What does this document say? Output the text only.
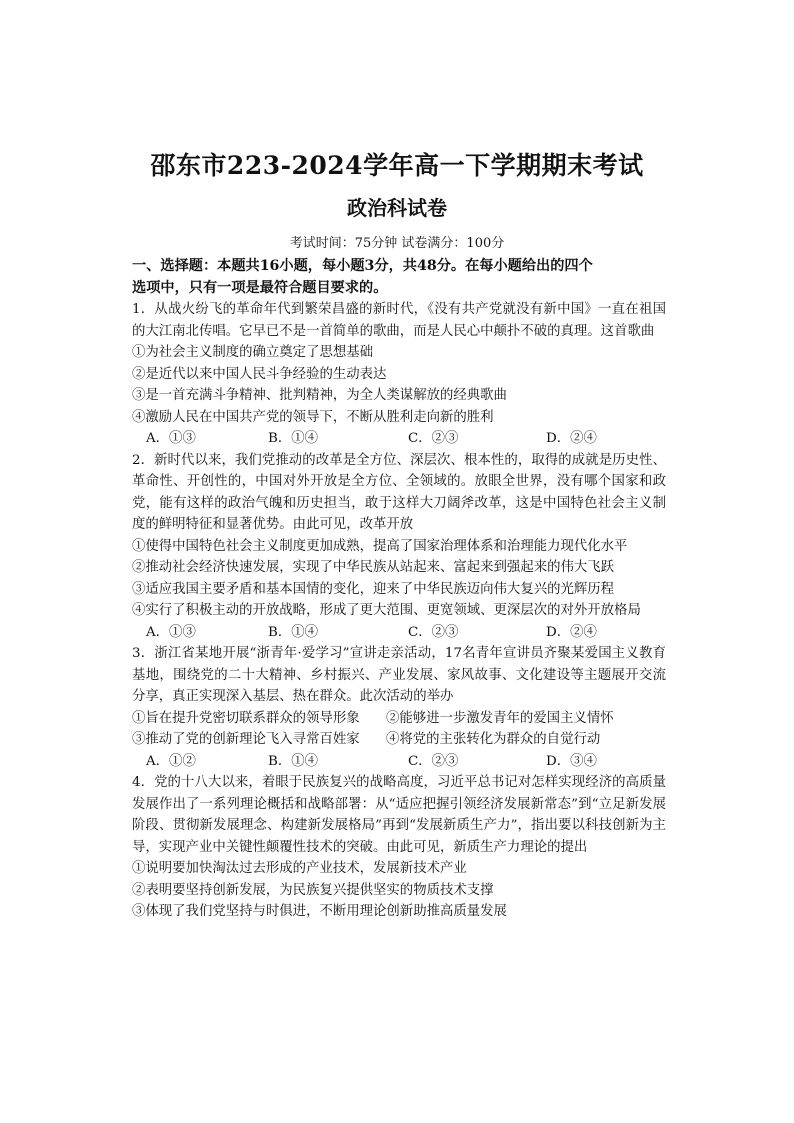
邵东市223-2024学年高一下学期期末考试
政治科试卷
考试时间：75分钟 试卷满分：100分
一、选择题：本题共16小题，每小题3分，共48分。在每小题给出的四个
选项中，只有一项是最符合题目要求的。
1．从战火纷飞的革命年代到繁荣昌盛的新时代，《没有共产党就没有新中国》一直在祖国的大江南北传唱。它早已不是一首简单的歌曲，而是人民心中颠扑不破的真理。这首歌曲
①为社会主义制度的确立奠定了思想基础
②是近代以来中国人民斗争经验的生动表达
③是一首充满斗争精神、批判精神，为全人类谋解放的经典歌曲
④激励人民在中国共产党的领导下，不断从胜利走向新的胜利
A．①③	B．①④	C．②③	D．②④
2．新时代以来，我们党推动的改革是全方位、深层次、根本性的，取得的成就是历史性、革命性、开创性的，中国对外开放是全方位、全领域的。放眼全世界，没有哪个国家和政党，能有这样的政治气魄和历史担当，敢于这样大刀阔斧改革，这是中国特色社会主义制度的鲜明特征和显著优势。由此可见，改革开放
①使得中国特色社会主义制度更加成熟，提高了国家治理体系和治理能力现代化水平
②推动社会经济快速发展，实现了中华民族从站起来、富起来到强起来的伟大飞跃
③适应我国主要矛盾和基本国情的变化，迎来了中华民族迈向伟大复兴的光辉历程
④实行了积极主动的开放战略，形成了更大范围、更宽领域、更深层次的对外开放格局
A．①③	B．①④	C．②③	D．②④
3．浙江省某地开展“浙青年·爱学习”宣讲走亲活动，17名青年宣讲员齐聚某爱国主义教育基地，围绕党的二十大精神、乡村振兴、产业发展、家风故事、文化建设等主题展开交流分享，真正实现深入基层、热在群众。此次活动的举办
①旨在提升党密切联系群众的领导形象	②能够进一步激发青年的爱国主义情怀
③推动了党的创新理论飞入寻常百姓家	④将党的主张转化为群众的自觉行动
A．①②	B．①④	C．②③	D．③④
4．党的十八大以来，着眼于民族复兴的战略高度，习近平总书记对怎样实现经济的高质量发展作出了一系列理论概括和战略部署：从“适应把握引领经济发展新常态”到“立足新发展阶段、贯彻新发展理念、构建新发展格局”再到“发展新质生产力”，指出要以科技创新为主导，实现产业中关键性颠覆性技术的突破。由此可见，新质生产力理论的提出
①说明要加快淘汰过去形成的产业技术，发展新技术产业
②表明要坚持创新发展，为民族复兴提供坚实的物质技术支撑
③体现了我们党坚持与时俱进，不断用理论创新助推高质量发展
